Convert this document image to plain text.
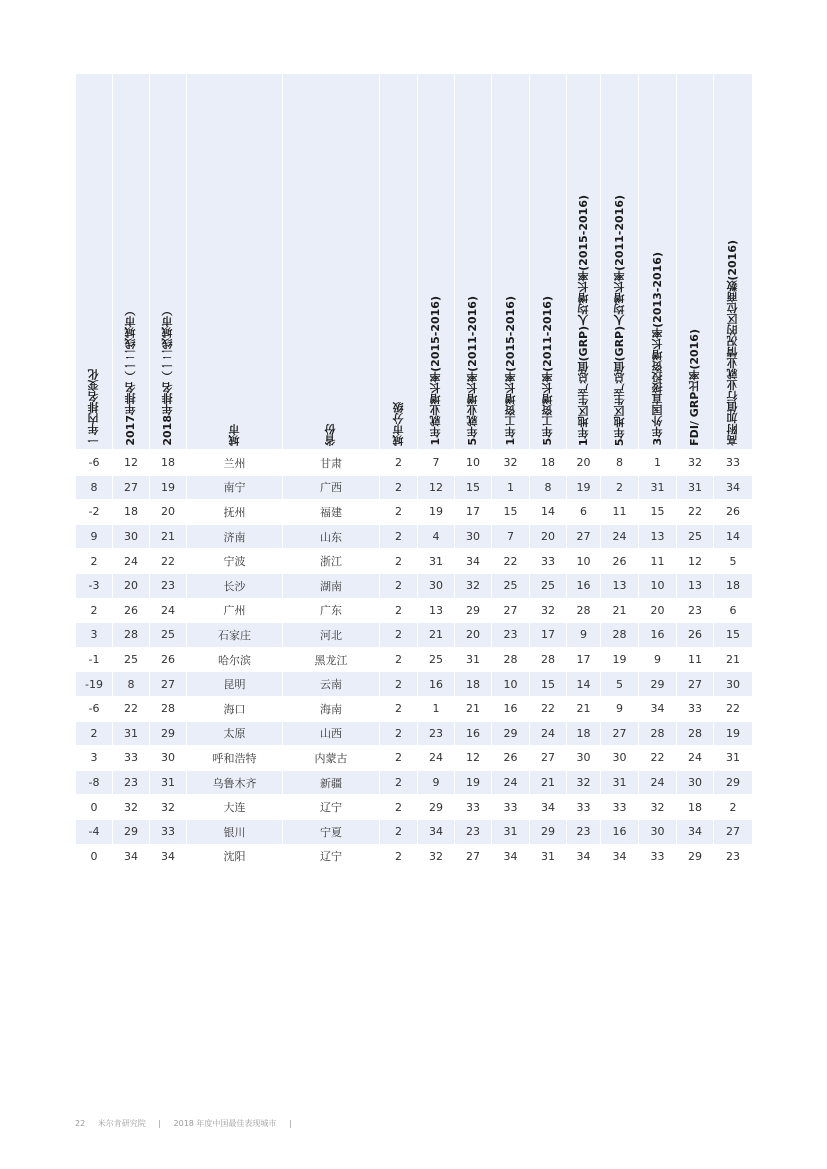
一年内排名变化	2017年排名（一二线城市）	2018年排名（一二线城市）	城市	省份	城市分级	1年就业增长率(2015-2016)	5年就业增长率(2011-2016)	1年工资增长率(2015-2016)	5年工资增长率(2011-2016)	1年地区生产总值(GRP)人均增长率(2015-2016)	5年地区生产总值(GRP)人均增长率(2011-2016)	3年外国直接投资增长率(2013-2016)	FDI/ GRP比率(2016)	高附加值行业就业情况的区位商数(2016)
-6	12	18	兰州	甘肃	2	7	10	32	18	20	8	1	32	33
8	27	19	南宁	广西	2	12	15	1	8	19	2	31	31	34
-2	18	20	抚州	福建	2	19	17	15	14	6	11	15	22	26
9	30	21	济南	山东	2	4	30	7	20	27	24	13	25	14
2	24	22	宁波	浙江	2	31	34	22	33	10	26	11	12	5
-3	20	23	长沙	湖南	2	30	32	25	25	16	13	10	13	18
2	26	24	广州	广东	2	13	29	27	32	28	21	20	23	6
3	28	25	石家庄	河北	2	21	20	23	17	9	28	16	26	15
-1	25	26	哈尔滨	黑龙江	2	25	31	28	28	17	19	9	11	21
-19	8	27	昆明	云南	2	16	18	10	15	14	5	29	27	30
-6	22	28	海口	海南	2	1	21	16	22	21	9	34	33	22
2	31	29	太原	山西	2	23	16	29	24	18	27	28	28	19
3	33	30	呼和浩特	内蒙古	2	24	12	26	27	30	30	22	24	31
-8	23	31	乌鲁木齐	新疆	2	9	19	24	21	32	31	24	30	29
0	32	32	大连	辽宁	2	29	33	33	34	33	33	32	18	2
-4	29	33	银川	宁夏	2	34	23	31	29	23	16	30	34	27
0	34	34	沈阳	辽宁	2	32	27	34	31	34	34	33	29	23
22 米尔肯研究院 | 2018 年度中国最佳表现城市 |
